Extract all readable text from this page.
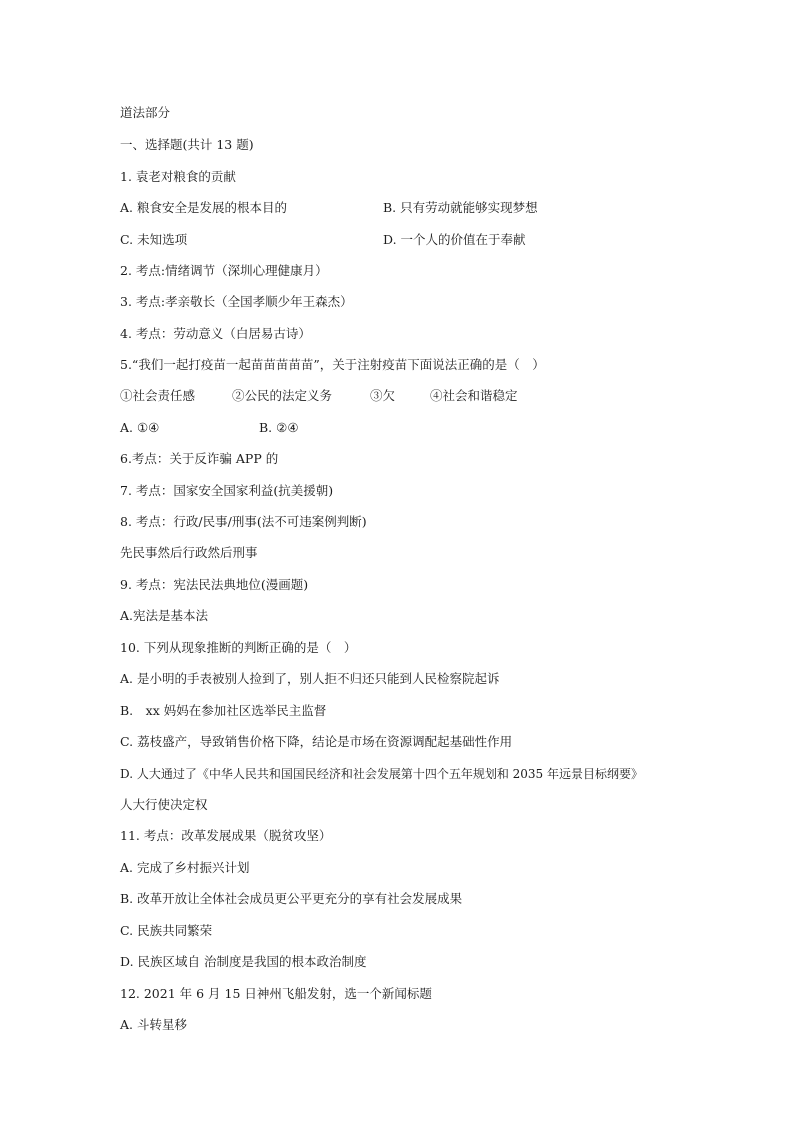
道法部分
一、选择题(共计 13 题)
1. 袁老对粮食的贡献
A. 粮食安全是发展的根本目的	B. 只有劳动就能够实现梦想
C. 未知选项	D. 一个人的价值在于奉献
2. 考点:情绪调节（深圳心理健康月）
3. 考点:孝亲敬长（全国孝顺少年王森杰）
4. 考点：劳动意义（白居易古诗）
5.“我们一起打疫苗一起苗苗苗苗苗”，关于注射疫苗下面说法正确的是（　）
①社会责任感	②公民的法定义务	③欠	④社会和谐稳定
A. ①④	B. ②④
6.考点：关于反诈骗 APP 的
7. 考点：国家安全国家利益(抗美援朝)
8. 考点：行政/民事/刑事(法不可违案例判断)
先民事然后行政然后刑事
9. 考点：宪法民法典地位(漫画题)
A.宪法是基本法
10. 下列从现象推断的判断正确的是（　）
A. 是小明的手表被别人捡到了，别人拒不归还只能到人民检察院起诉
B.　xx 妈妈在参加社区选举民主监督
C. 荔枝盛产，导致销售价格下降，结论是市场在资源调配起基础性作用
D. 人大通过了《中华人民共和国国民经济和社会发展第十四个五年规划和 2035 年远景目标纲要》
人大行使决定权
11. 考点：改革发展成果（脱贫攻坚）
A. 完成了乡村振兴计划
B. 改革开放让全体社会成员更公平更充分的享有社会发展成果
C. 民族共同繁荣
D. 民族区域自 治制度是我国的根本政治制度
12. 2021 年 6 月 15 日神州飞船发射，选一个新闻标题
A. 斗转星移
